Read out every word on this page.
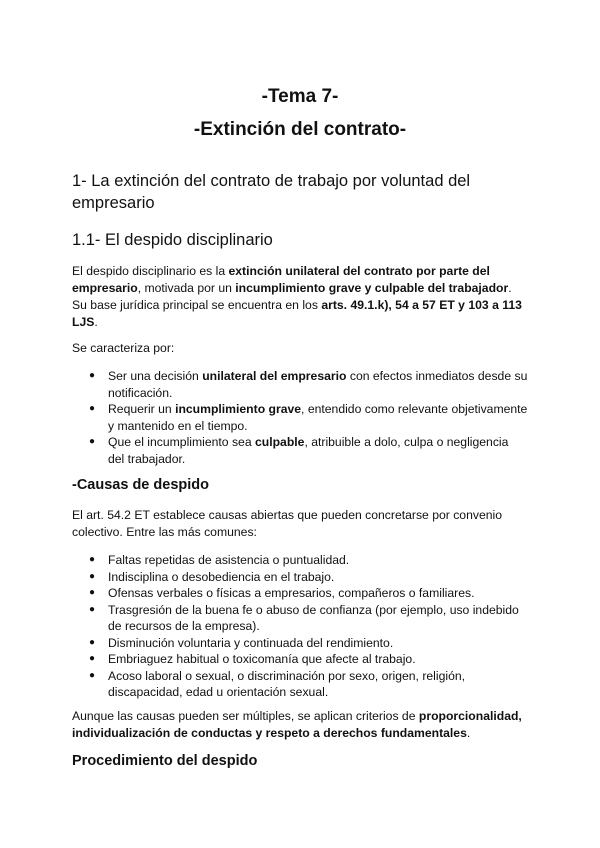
-Tema 7-
-Extinción del contrato-
1- La extinción del contrato de trabajo por voluntad del empresario
1.1- El despido disciplinario

El despido disciplinario es la extinción unilateral del contrato por parte del empresario, motivada por un incumplimiento grave y culpable del trabajador. Su base jurídica principal se encuentra en los arts. 49.1.k), 54 a 57 ET y 103 a 113 LJS.

Se caracteriza por:

● Ser una decisión unilateral del empresario con efectos inmediatos desde su notificación.
● Requerir un incumplimiento grave, entendido como relevante objetivamente y mantenido en el tiempo.
● Que el incumplimiento sea culpable, atribuible a dolo, culpa o negligencia del trabajador.
-Causas de despido

El art. 54.2 ET establece causas abiertas que pueden concretarse por convenio colectivo. Entre las más comunes:

● Faltas repetidas de asistencia o puntualidad.
● Indisciplina o desobediencia en el trabajo.
● Ofensas verbales o físicas a empresarios, compañeros o familiares.
● Trasgresión de la buena fe o abuso de confianza (por ejemplo, uso indebido de recursos de la empresa).
● Disminución voluntaria y continuada del rendimiento.
● Embriaguez habitual o toxicomanía que afecte al trabajo.
● Acoso laboral o sexual, o discriminación por sexo, origen, religión, discapacidad, edad u orientación sexual.

Aunque las causas pueden ser múltiples, se aplican criterios de proporcionalidad, individualización de conductas y respeto a derechos fundamentales.

Procedimiento del despido
